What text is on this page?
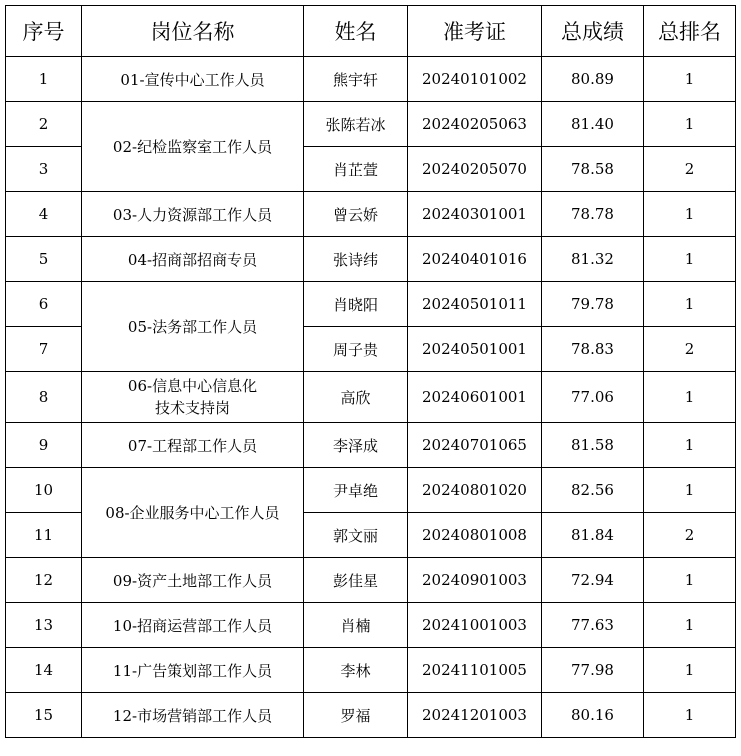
序号	岗位名称	姓名	准考证	总成绩	总排名
1	01-宣传中心工作人员	熊宇轩	20240101002	80.89	1
2	02-纪检监察室工作人员	张陈若冰	20240205063	81.40	1
3		肖芷萱	20240205070	78.58	2
4	03-人力资源部工作人员	曾云娇	20240301001	78.78	1
5	04-招商部招商专员	张诗纬	20240401016	81.32	1
6	05-法务部工作人员	肖晓阳	20240501011	79.78	1
7		周子贵	20240501001	78.83	2
8	06-信息中心信息化
技术支持岗	高欣	20240601001	77.06	1
9	07-工程部工作人员	李泽成	20240701065	81.58	1
10	08-企业服务中心工作人员	尹卓绝	20240801020	82.56	1
11		郭文丽	20240801008	81.84	2
12	09-资产土地部工作人员	彭佳星	20240901003	72.94	1
13	10-招商运营部工作人员	肖楠	20241001003	77.63	1
14	11-广告策划部工作人员	李林	20241101005	77.98	1
15	12-市场营销部工作人员	罗福	20241201003	80.16	1
